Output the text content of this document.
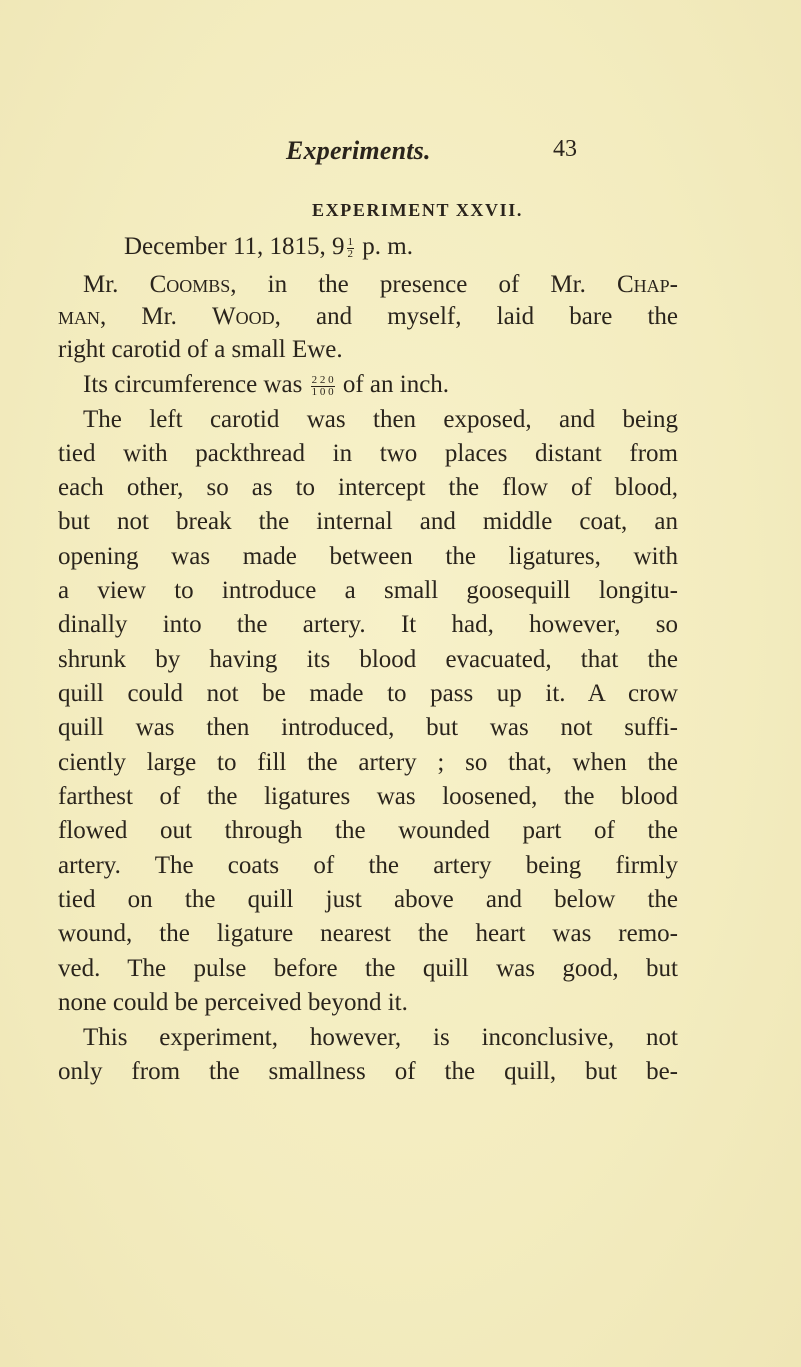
Experiments.	43
EXPERIMENT XXVII.
December 11, 1815, $9 \frac{1}{2} p$. m.
Mr. Coombs, in the presence of Mr. Chap-
man, Mr. Wood, and myself, laid bare the
right carotid of a small Ewe.
Its circumference was $\frac{2 2 0}{1 0 0}$ of an inch.
The left carotid was then exposed, and being
tied with packthread in two places distant from
each other, so as to intercept the flow of blood,
but not break the internal and middle coat, an
opening was made between the ligatures, with
a view to introduce a small goosequill longitu-
dinally into the artery. It had, however, so
shrunk by having its blood evacuated, that the
quill could not be made to pass up it. A crow
quill was then introduced, but was not suffi-
ciently large to fill the artery ; so that, when the
farthest of the ligatures was loosened, the blood
flowed out through the wounded part of the
artery. The coats of the artery being firmly
tied on the quill just above and below the
wound, the ligature nearest the heart was remo-
ved. The pulse before the quill was good, but
none could be perceived beyond it.
This experiment, however, is inconclusive, not
only from the smallness of the quill, but be-
